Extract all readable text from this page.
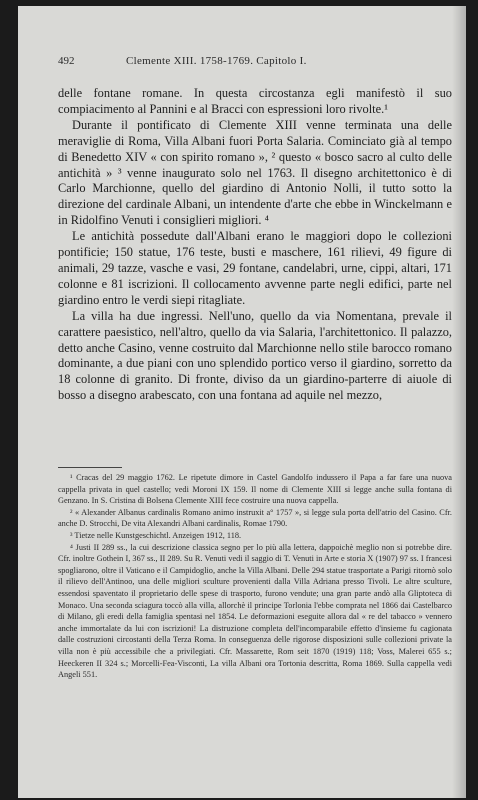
492	Clemente XIII. 1758-1769. Capitolo I.

delle fontane romane. In questa circostanza egli manifestò il suo compiacimento al Pannini e al Bracci con espressioni loro rivolte.¹

Durante il pontificato di Clemente XIII venne terminata una delle meraviglie di Roma, Villa Albani fuori Porta Salaria. Cominciato già al tempo di Benedetto XIV « con spirito romano », ² questo « bosco sacro al culto delle antichità » ³ venne inaugurato solo nel 1763. Il disegno architettonico è di Carlo Marchionne, quello del giardino di Antonio Nolli, il tutto sotto la direzione del cardinale Albani, un intendente d'arte che ebbe in Winckelmann e in Ridolfino Venuti i consiglieri migliori. ⁴

Le antichità possedute dall'Albani erano le maggiori dopo le collezioni pontificie; 150 statue, 176 teste, busti e maschere, 161 rilievi, 49 figure di animali, 29 tazze, vasche e vasi, 29 fontane, candelabri, urne, cippi, altari, 171 colonne e 81 iscrizioni. Il collocamento avvenne parte negli edifici, parte nel giardino entro le verdi siepi ritagliate.

La villa ha due ingressi. Nell'uno, quello da via Nomentana, prevale il carattere paesistico, nell'altro, quello da via Salaria, l'architettonico. Il palazzo, detto anche Casino, venne costruito dal Marchionne nello stile barocco romano dominante, a due piani con uno splendido portico verso il giardino, sorretto da 18 colonne di granito. Di fronte, diviso da un giardino-parterre di aiuole di bosso a disegno arabescato, con una fontana ad aquile nel mezzo,

¹ Cracas del 29 maggio 1762. Le ripetute dimore in Castel Gandolfo indussero il Papa a far fare una nuova cappella privata in quel castello; vedi Moroni IX 159. Il nome di Clemente XIII si legge anche sulla fontana di Genzano. In S. Cristina di Bolsena Clemente XIII fece costruire una nuova cappella.

² « Alexander Albanus cardinalis Romano animo instruxit a° 1757 », si legge sula porta dell'atrio del Casino. Cfr. anche D. Strocchi, De vita Alexandri Albani cardinalis, Romae 1790.

³ Tietze nelle Kunstgeschichtl. Anzeigen 1912, 118.

⁴ Justi II 289 ss., la cui descrizione classica segno per lo più alla lettera, dappoichè meglio non si potrebbe dire. Cfr. inoltre Gothein I, 367 ss., II 289. Su R. Venuti vedi il saggio di T. Venuti in Arte e storia X (1907) 97 ss. I francesi spogliarono, oltre il Vaticano e il Campidoglio, anche la Villa Albani. Delle 294 statue trasportate a Parigi ritornò solo il rilievo dell'Antinoo, una delle migliori sculture provenienti dalla Villa Adriana presso Tivoli. Le altre sculture, essendosi spaventato il proprietario delle spese di trasporto, furono vendute; una gran parte andò alla Gliptoteca di Monaco. Una seconda sciagura toccò alla villa, allorchè il principe Torlonia l'ebbe comprata nel 1866 dai Castelbarco di Milano, gli eredi della famiglia spentasi nel 1854. Le deformazioni eseguite allora dal « re del tabacco » vennero anche immortalate da lui con iscrizioni! La distruzione completa dell'incomparabile effetto d'insieme fu cagionata dalle costruzioni circostanti della Terza Roma. In conseguenza delle rigorose disposizioni sulle collezioni private la villa non è più accessibile che a privilegiati. Cfr. Massarette, Rom seit 1870 (1919) 118; Voss, Malerei 655 s.; Heeckeren II 324 s.; Morcelli-Fea-Visconti, La villa Albani ora Tortonia descritta, Roma 1869. Sulla cappella vedi Angeli 551.
